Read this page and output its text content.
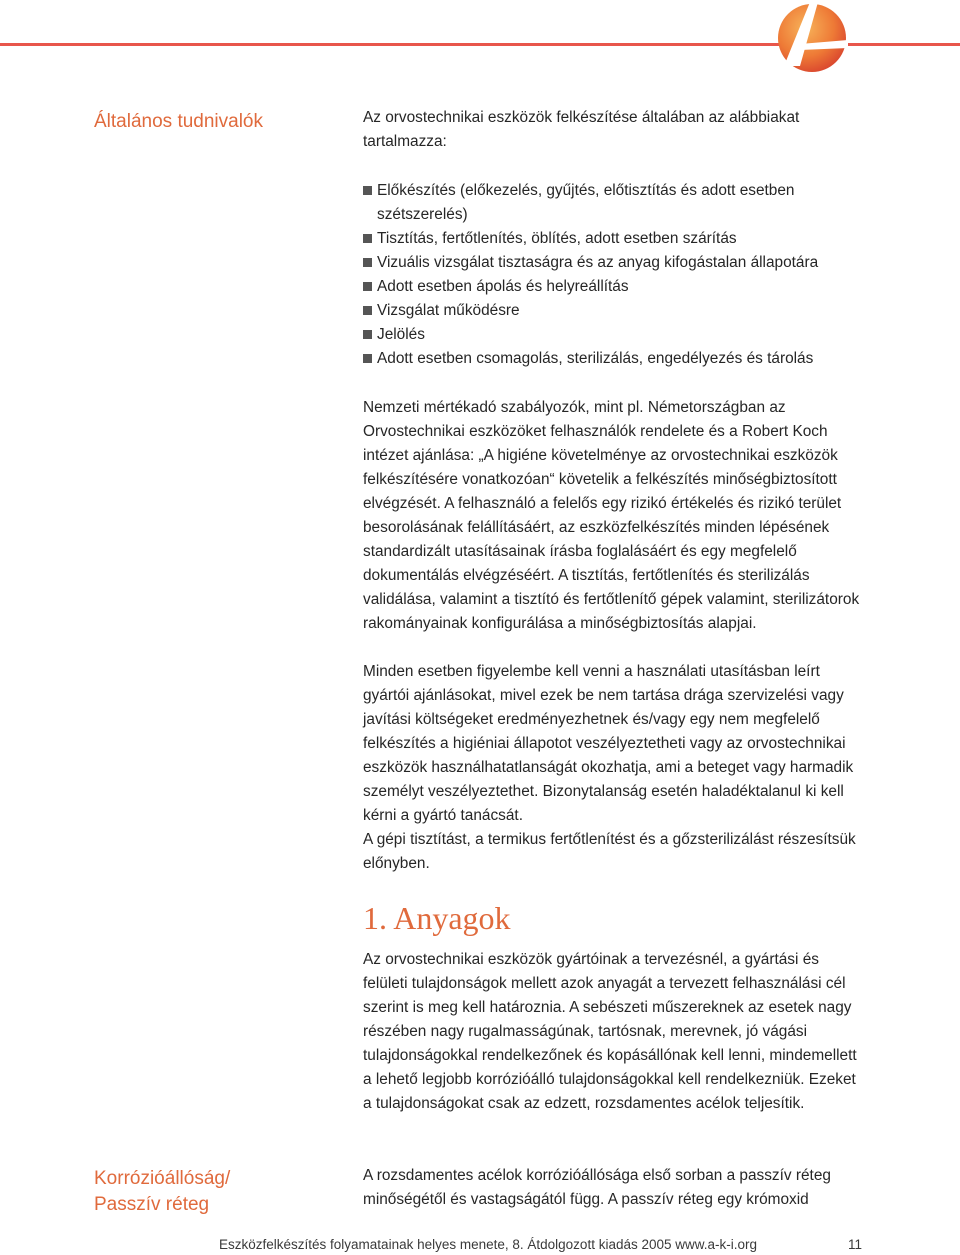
Általános tudnivalók	Az orvostechnikai eszközök felkészítése általában az alábbiakat tartalmazza:

Előkészítés (előkezelés, gyűjtés, előtisztítás és adott esetben szétszerelés)
Tisztítás, fertőtlenítés, öblítés, adott esetben szárítás
Vizuális vizsgálat tisztaságra és az anyag kifogástalan állapotára
Adott esetben ápolás és helyreállítás
Vizsgálat működésre
Jelölés
Adott esetben csomagolás, sterilizálás, engedélyezés és tárolás

Nemzeti mértékadó szabályozók, mint pl. Németországban az Orvostechnikai eszközöket felhasználók rendelete és a Robert Koch intézet ajánlása: „A higiéne követelménye az orvostechnikai eszközök felkészítésére vonatkozóan“ követelik a felkészítés minőségbiztosított elvégzését. A felhasználó a felelős egy rizikó értékelés és rizikó terület besorolásának felállításáért, az eszközfelkészítés minden lépésének standardizált utasításainak írásba foglalásáért és egy megfelelő dokumentálás elvégzéséért. A tisztítás, fertőtlenítés és sterilizálás validálása, valamint a tisztító és fertőtlenítő gépek valamint, sterilizátorok rakományainak konfigurálása a minőségbiztosítás alapjai.

Minden esetben figyelembe kell venni a használati utasításban leírt gyártói ajánlásokat, mivel ezek be nem tartása drága szervizelési vagy javítási költségeket eredményezhetnek és/vagy egy nem megfelelő felkészítés a higiéniai állapotot veszélyeztetheti vagy az orvostechnikai eszközök használhatatlanságát okozhatja, ami a beteget vagy harmadik személyt veszélyeztethet. Bizonytalanság esetén haladéktalanul ki kell kérni a gyártó tanácsát.

A gépi tisztítást, a termikus fertőtlenítést és a gőzsterilizálást részesítsük előnyben.

1. Anyagok

Az orvostechnikai eszközök gyártóinak a tervezésnél, a gyártási és felületi tulajdonságok mellett azok anyagát a tervezett felhasználási cél szerint is meg kell határoznia. A sebészeti műszereknek az esetek nagy részében nagy rugalmasságúnak, tartósnak, merevnek, jó vágási tulajdonságokkal rendelkezőnek és kopásállónak kell lenni, mindemellett a lehető legjobb korrózióálló tulajdonságokkal kell rendelkezniük. Ezeket a tulajdonságokat csak az edzett, rozsdamentes acélok teljesítik.

Korrózióállóság/
Passzív réteg

A rozsdamentes acélok korrózióállósága első sorban a passzív réteg minőségétől és vastagságától függ. A passzív réteg egy krómoxid

Eszközfelkészítés folyamatainak helyes menete, 8. Átdolgozott kiadás 2005 www.a-k-i.org	11
